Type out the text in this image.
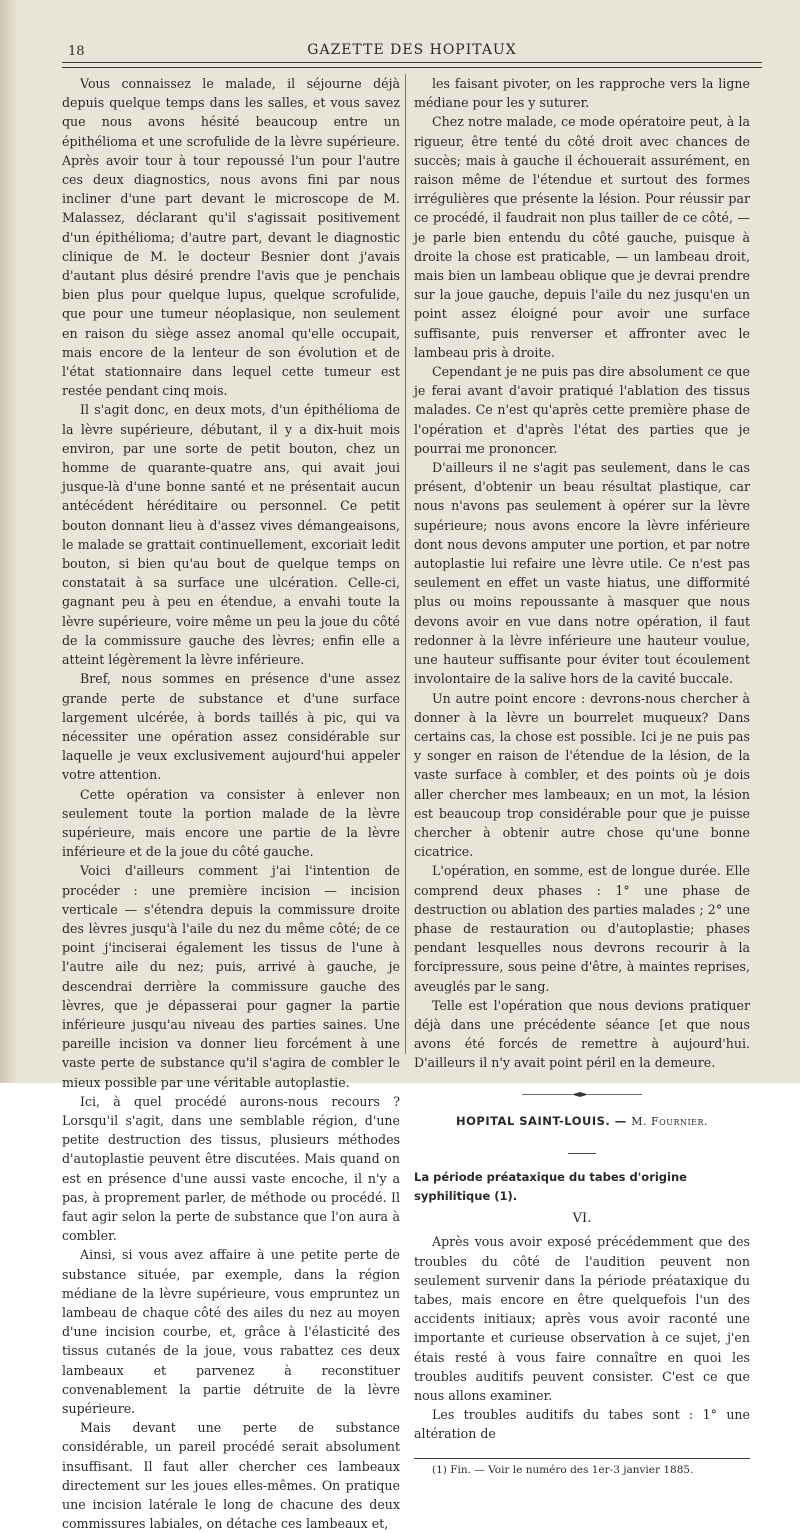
18	GAZETTE DES HOPITAUX

Vous connaissez le malade, il séjourne déjà depuis quelque temps dans les salles, et vous savez que nous avons hésité beaucoup entre un épithélioma et une scrofulide de la lèvre supérieure. Après avoir tour à tour repoussé l'un pour l'autre ces deux diagnostics, nous avons fini par nous incliner d'une part devant le microscope de M. Malassez, déclarant qu'il s'agissait positivement d'un épithélioma; d'autre part, devant le diagnostic clinique de M. le docteur Besnier dont j'avais d'autant plus désiré prendre l'avis que je penchais bien plus pour quelque lupus, quelque scrofulide, que pour une tumeur néoplasique, non seulement en raison du siège assez anomal qu'elle occupait, mais encore de la lenteur de son évolution et de l'état stationnaire dans lequel cette tumeur est restée pendant cinq mois.

Il s'agit donc, en deux mots, d'un épithélioma de la lèvre supérieure, débutant, il y a dix-huit mois environ, par une sorte de petit bouton, chez un homme de quarante-quatre ans, qui avait joui jusque-là d'une bonne santé et ne présentait aucun antécédent héréditaire ou personnel. Ce petit bouton donnant lieu à d'assez vives démangeaisons, le malade se grattait continuellement, excoriait ledit bouton, si bien qu'au bout de quelque temps on constatait à sa surface une ulcération. Celle-ci, gagnant peu à peu en étendue, a envahi toute la lèvre supérieure, voire même un peu la joue du côté de la commissure gauche des lèvres; enfin elle a atteint légèrement la lèvre inférieure.

Bref, nous sommes en présence d'une assez grande perte de substance et d'une surface largement ulcérée, à bords taillés à pic, qui va nécessiter une opération assez considérable sur laquelle je veux exclusivement aujourd'hui appeler votre attention.

Cette opération va consister à enlever non seulement toute la portion malade de la lèvre supérieure, mais encore une partie de la lèvre inférieure et de la joue du côté gauche.

Voici d'ailleurs comment j'ai l'intention de procéder : une première incision — incision verticale — s'étendra depuis la commissure droite des lèvres jusqu'à l'aile du nez du même côté; de ce point j'inciserai également les tissus de l'une à l'autre aile du nez; puis, arrivé à gauche, je descendrai derrière la commissure gauche des lèvres, que je dépasserai pour gagner la partie inférieure jusqu'au niveau des parties saines. Une pareille incision va donner lieu forcément à une vaste perte de substance qu'il s'agira de combler le mieux possible par une véritable autoplastie.

Ici, à quel procédé aurons-nous recours ? Lorsqu'il s'agit, dans une semblable région, d'une petite destruction des tissus, plusieurs méthodes d'autoplastie peuvent être discutées. Mais quand on est en présence d'une aussi vaste encoche, il n'y a pas, à proprement parler, de méthode ou procédé. Il faut agir selon la perte de substance que l'on aura à combler.

Ainsi, si vous avez affaire à une petite perte de substance située, par exemple, dans la région médiane de la lèvre supérieure, vous empruntez un lambeau de chaque côté des ailes du nez au moyen d'une incision courbe, et, grâce à l'élasticité des tissus cutanés de la joue, vous rabattez ces deux lambeaux et parvenez à reconstituer convenablement la partie détruite de la lèvre supérieure.

Mais devant une perte de substance considérable, un pareil procédé serait absolument insuffisant. Il faut aller chercher ces lambeaux directement sur les joues elles-mêmes. On pratique une incision latérale le long de chacune des deux commissures labiales, on détache ces lambeaux et,

les faisant pivoter, on les rapproche vers la ligne médiane pour les y suturer.

Chez notre malade, ce mode opératoire peut, à la rigueur, être tenté du côté droit avec chances de succès; mais à gauche il échouerait assurément, en raison même de l'étendue et surtout des formes irrégulières que présente la lésion. Pour réussir par ce procédé, il faudrait non plus tailler de ce côté, — je parle bien entendu du côté gauche, puisque à droite la chose est praticable, — un lambeau droit, mais bien un lambeau oblique que je devrai prendre sur la joue gauche, depuis l'aile du nez jusqu'en un point assez éloigné pour avoir une surface suffisante, puis renverser et affronter avec le lambeau pris à droite.

Cependant je ne puis pas dire absolument ce que je ferai avant d'avoir pratiqué l'ablation des tissus malades. Ce n'est qu'après cette première phase de l'opération et d'après l'état des parties que je pourrai me prononcer.

D'ailleurs il ne s'agit pas seulement, dans le cas présent, d'obtenir un beau résultat plastique, car nous n'avons pas seulement à opérer sur la lèvre supérieure; nous avons encore la lèvre inférieure dont nous devons amputer une portion, et par notre autoplastie lui refaire une lèvre utile. Ce n'est pas seulement en effet un vaste hiatus, une difformité plus ou moins repoussante à masquer que nous devons avoir en vue dans notre opération, il faut redonner à la lèvre inférieure une hauteur voulue, une hauteur suffisante pour éviter tout écoulement involontaire de la salive hors de la cavité buccale.

Un autre point encore : devrons-nous chercher à donner à la lèvre un bourrelet muqueux? Dans certains cas, la chose est possible. Ici je ne puis pas y songer en raison de l'étendue de la lésion, de la vaste surface à combler, et des points où je dois aller chercher mes lambeaux; en un mot, la lésion est beaucoup trop considérable pour que je puisse chercher à obtenir autre chose qu'une bonne cicatrice.

L'opération, en somme, est de longue durée. Elle comprend deux phases : 1° une phase de destruction ou ablation des parties malades ; 2° une phase de restauration ou d'autoplastie; phases pendant lesquelles nous devrons recourir à la forcipressure, sous peine d'être, à maintes reprises, aveuglés par le sang.

Telle est l'opération que nous devions pratiquer déjà dans une précédente séance [et que nous avons été forcés de remettre à aujourd'hui. D'ailleurs il n'y avait point péril en la demeure.

HOPITAL SAINT-LOUIS. — M. Fournier.

La période préataxique du tabes d'origine syphilitique (1).

VI.

Après vous avoir exposé précédemment que des troubles du côté de l'audition peuvent non seulement survenir dans la période préataxique du tabes, mais encore en être quelquefois l'un des accidents initiaux; après vous avoir raconté une importante et curieuse observation à ce sujet, j'en étais resté à vous faire connaître en quoi les troubles auditifs peuvent consister. C'est ce que nous allons examiner.

Les troubles auditifs du tabes sont : 1° une altération de

(1) Fin. — Voir le numéro des 1er-3 janvier 1885.
